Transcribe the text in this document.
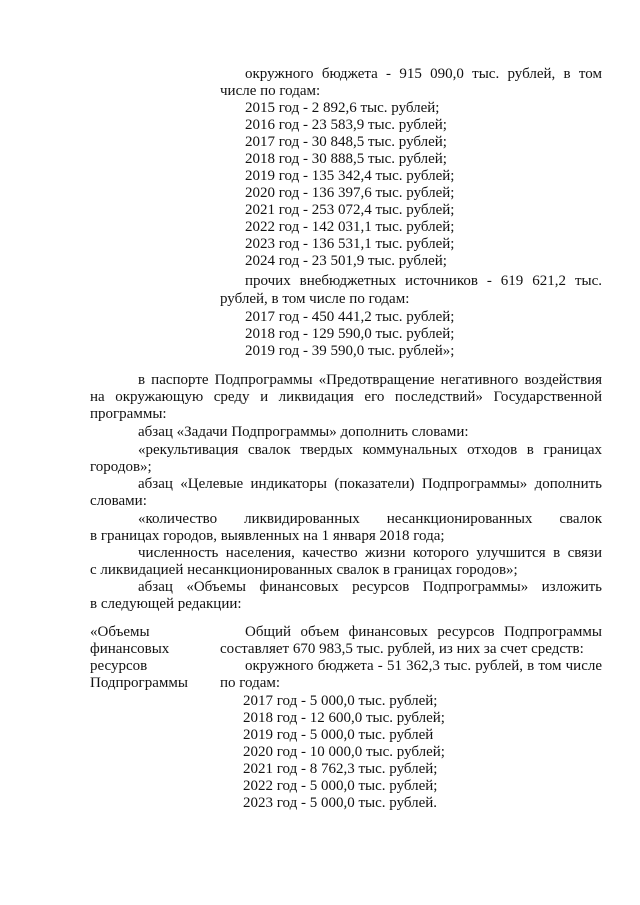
окружного бюджета - 915 090,0 тыс. рублей, в том
числе по годам:
2015 год - 2 892,6 тыс. рублей;
2016 год - 23 583,9 тыс. рублей;
2017 год - 30 848,5 тыс. рублей;
2018 год - 30 888,5 тыс. рублей;
2019 год - 135 342,4 тыс. рублей;
2020 год - 136 397,6 тыс. рублей;
2021 год - 253 072,4 тыс. рублей;
2022 год - 142 031,1 тыс. рублей;
2023 год - 136 531,1 тыс. рублей;
2024 год - 23 501,9 тыс. рублей;
прочих внебюджетных источников - 619 621,2 тыс.
рублей, в том числе по годам:
2017 год - 450 441,2 тыс. рублей;
2018 год - 129 590,0 тыс. рублей;
2019 год - 39 590,0 тыс. рублей»;
в паспорте Подпрограммы «Предотвращение негативного воздействия
на окружающую среду и ликвидация его последствий» Государственной
программы:
абзац «Задачи Подпрограммы» дополнить словами:
«рекультивация свалок твердых коммунальных отходов в границах
городов»;
абзац «Целевые индикаторы (показатели) Подпрограммы» дополнить
словами:
«количество ликвидированных несанкционированных свалок
в границах городов, выявленных на 1 января 2018 года;
численность населения, качество жизни которого улучшится в связи
с ликвидацией несанкционированных свалок в границах городов»;
абзац «Объемы финансовых ресурсов Подпрограммы» изложить
в следующей редакции:
«Объемы
финансовых
ресурсов
Подпрограммы
Общий объем финансовых ресурсов Подпрограммы
составляет 670 983,5 тыс. рублей, из них за счет средств:
окружного бюджета - 51 362,3 тыс. рублей, в том числе
по годам:
2017 год - 5 000,0 тыс. рублей;
2018 год - 12 600,0 тыс. рублей;
2019 год - 5 000,0 тыс. рублей
2020 год - 10 000,0 тыс. рублей;
2021 год - 8 762,3 тыс. рублей;
2022 год - 5 000,0 тыс. рублей;
2023 год - 5 000,0 тыс. рублей.
